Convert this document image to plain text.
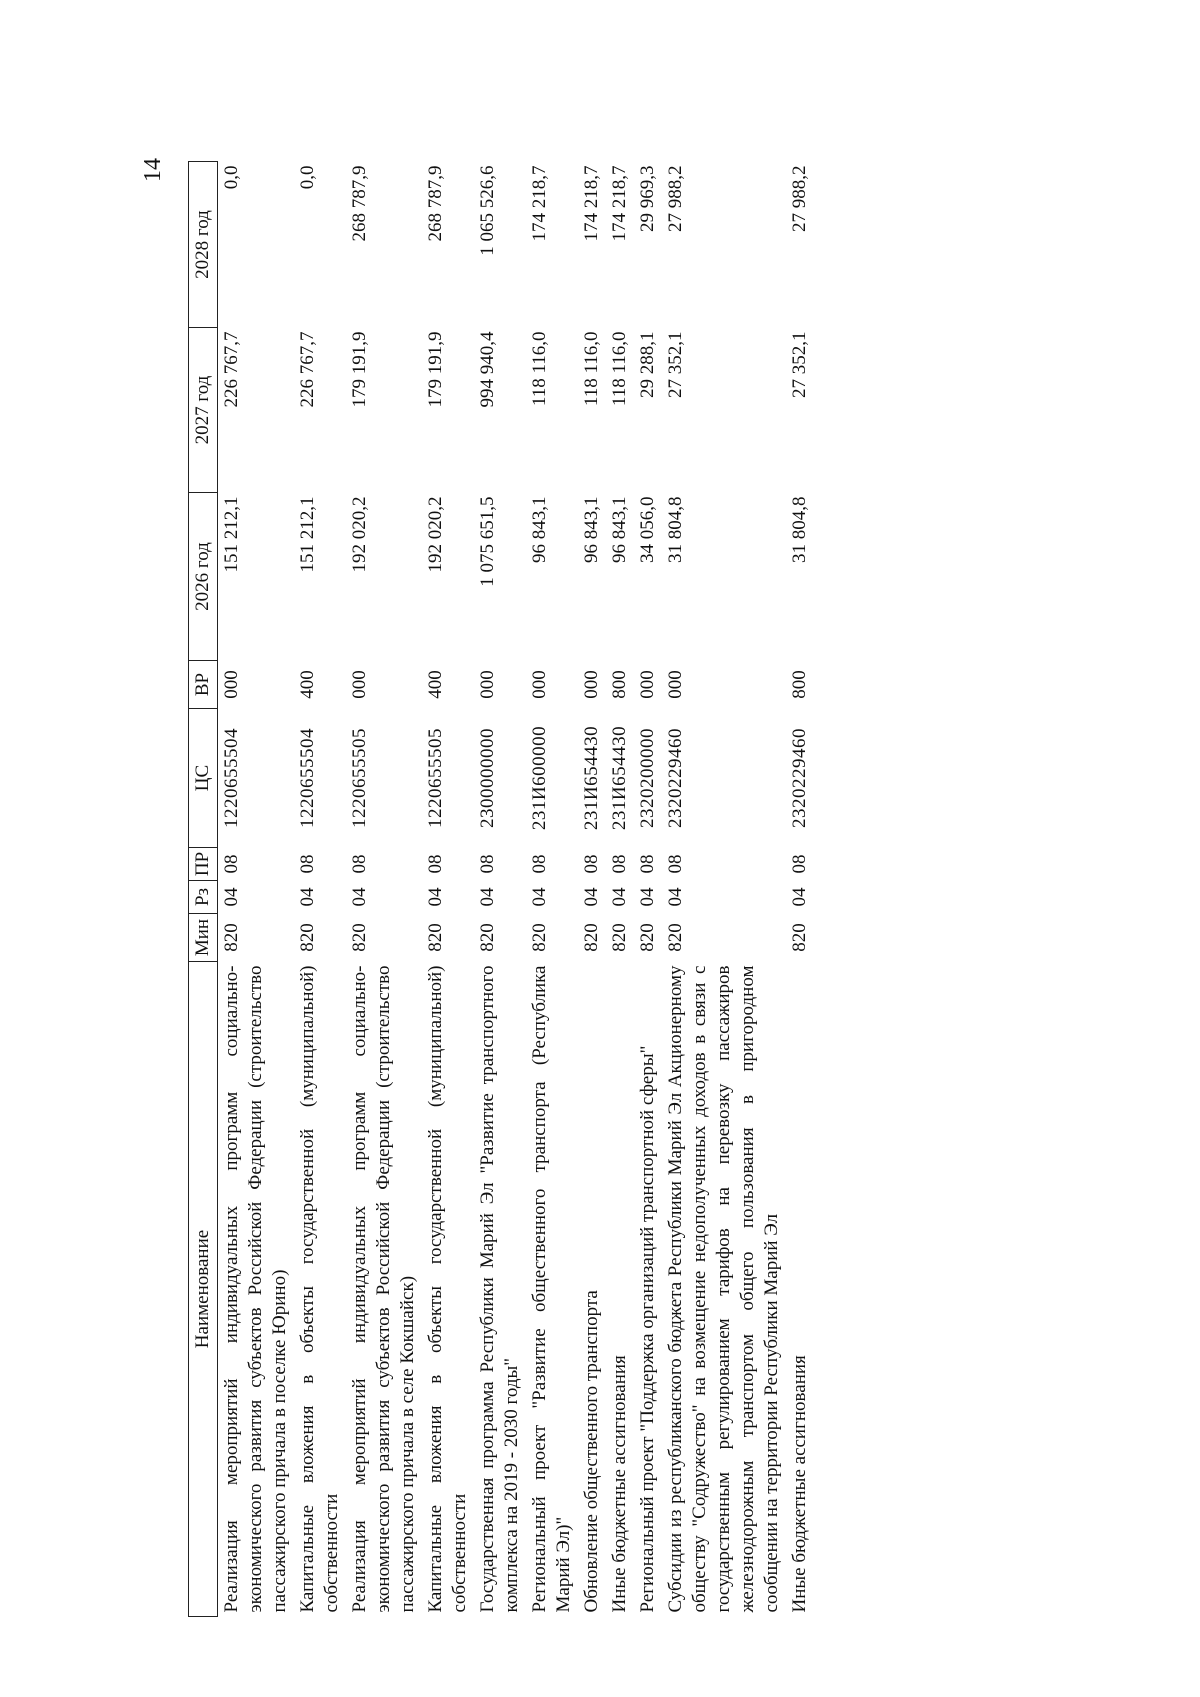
14
Наименование	Мин	Рз	ПР	ЦС	ВР	2026 год	2027 год	2028 год
Реализация мероприятий индивидуальных программ социально-экономического развития субъектов Российской Федерации (строительство пассажирского причала в поселке Юрино)	820	04	08	1220655504	000	151 212,1	226 767,7	0,0
Капитальные вложения в объекты государственной (муниципальной) собственности	820	04	08	1220655504	400	151 212,1	226 767,7	0,0
Реализация мероприятий индивидуальных программ социально-экономического развития субъектов Российской Федерации (строительство пассажирского причала в селе Кокшайск)	820	04	08	1220655505	000	192 020,2	179 191,9	268 787,9
Капитальные вложения в объекты государственной (муниципальной) собственности	820	04	08	1220655505	400	192 020,2	179 191,9	268 787,9
Государственная программа Республики Марий Эл "Развитие транспортного комплекса на 2019 - 2030 годы"	820	04	08	2300000000	000	1 075 651,5	994 940,4	1 065 526,6
Региональный проект "Развитие общественного транспорта (Республика Марий Эл)"	820	04	08	231И600000	000	96 843,1	118 116,0	174 218,7
Обновление общественного транспорта	820	04	08	231И654430	000	96 843,1	118 116,0	174 218,7
Иные бюджетные ассигнования	820	04	08	231И654430	800	96 843,1	118 116,0	174 218,7
Региональный проект "Поддержка организаций транспортной сферы"	820	04	08	2320200000	000	34 056,0	29 288,1	29 969,3
Субсидии из республиканского бюджета Республики Марий Эл Акционерному обществу "Содружество" на возмещение недополученных доходов в связи с государственным регулированием тарифов на перевозку пассажиров железнодорожным транспортом общего пользования в пригородном сообщении на территории Республики Марий Эл	820	04	08	2320229460	000	31 804,8	27 352,1	27 988,2
Иные бюджетные ассигнования	820	04	08	2320229460	800	31 804,8	27 352,1	27 988,2
